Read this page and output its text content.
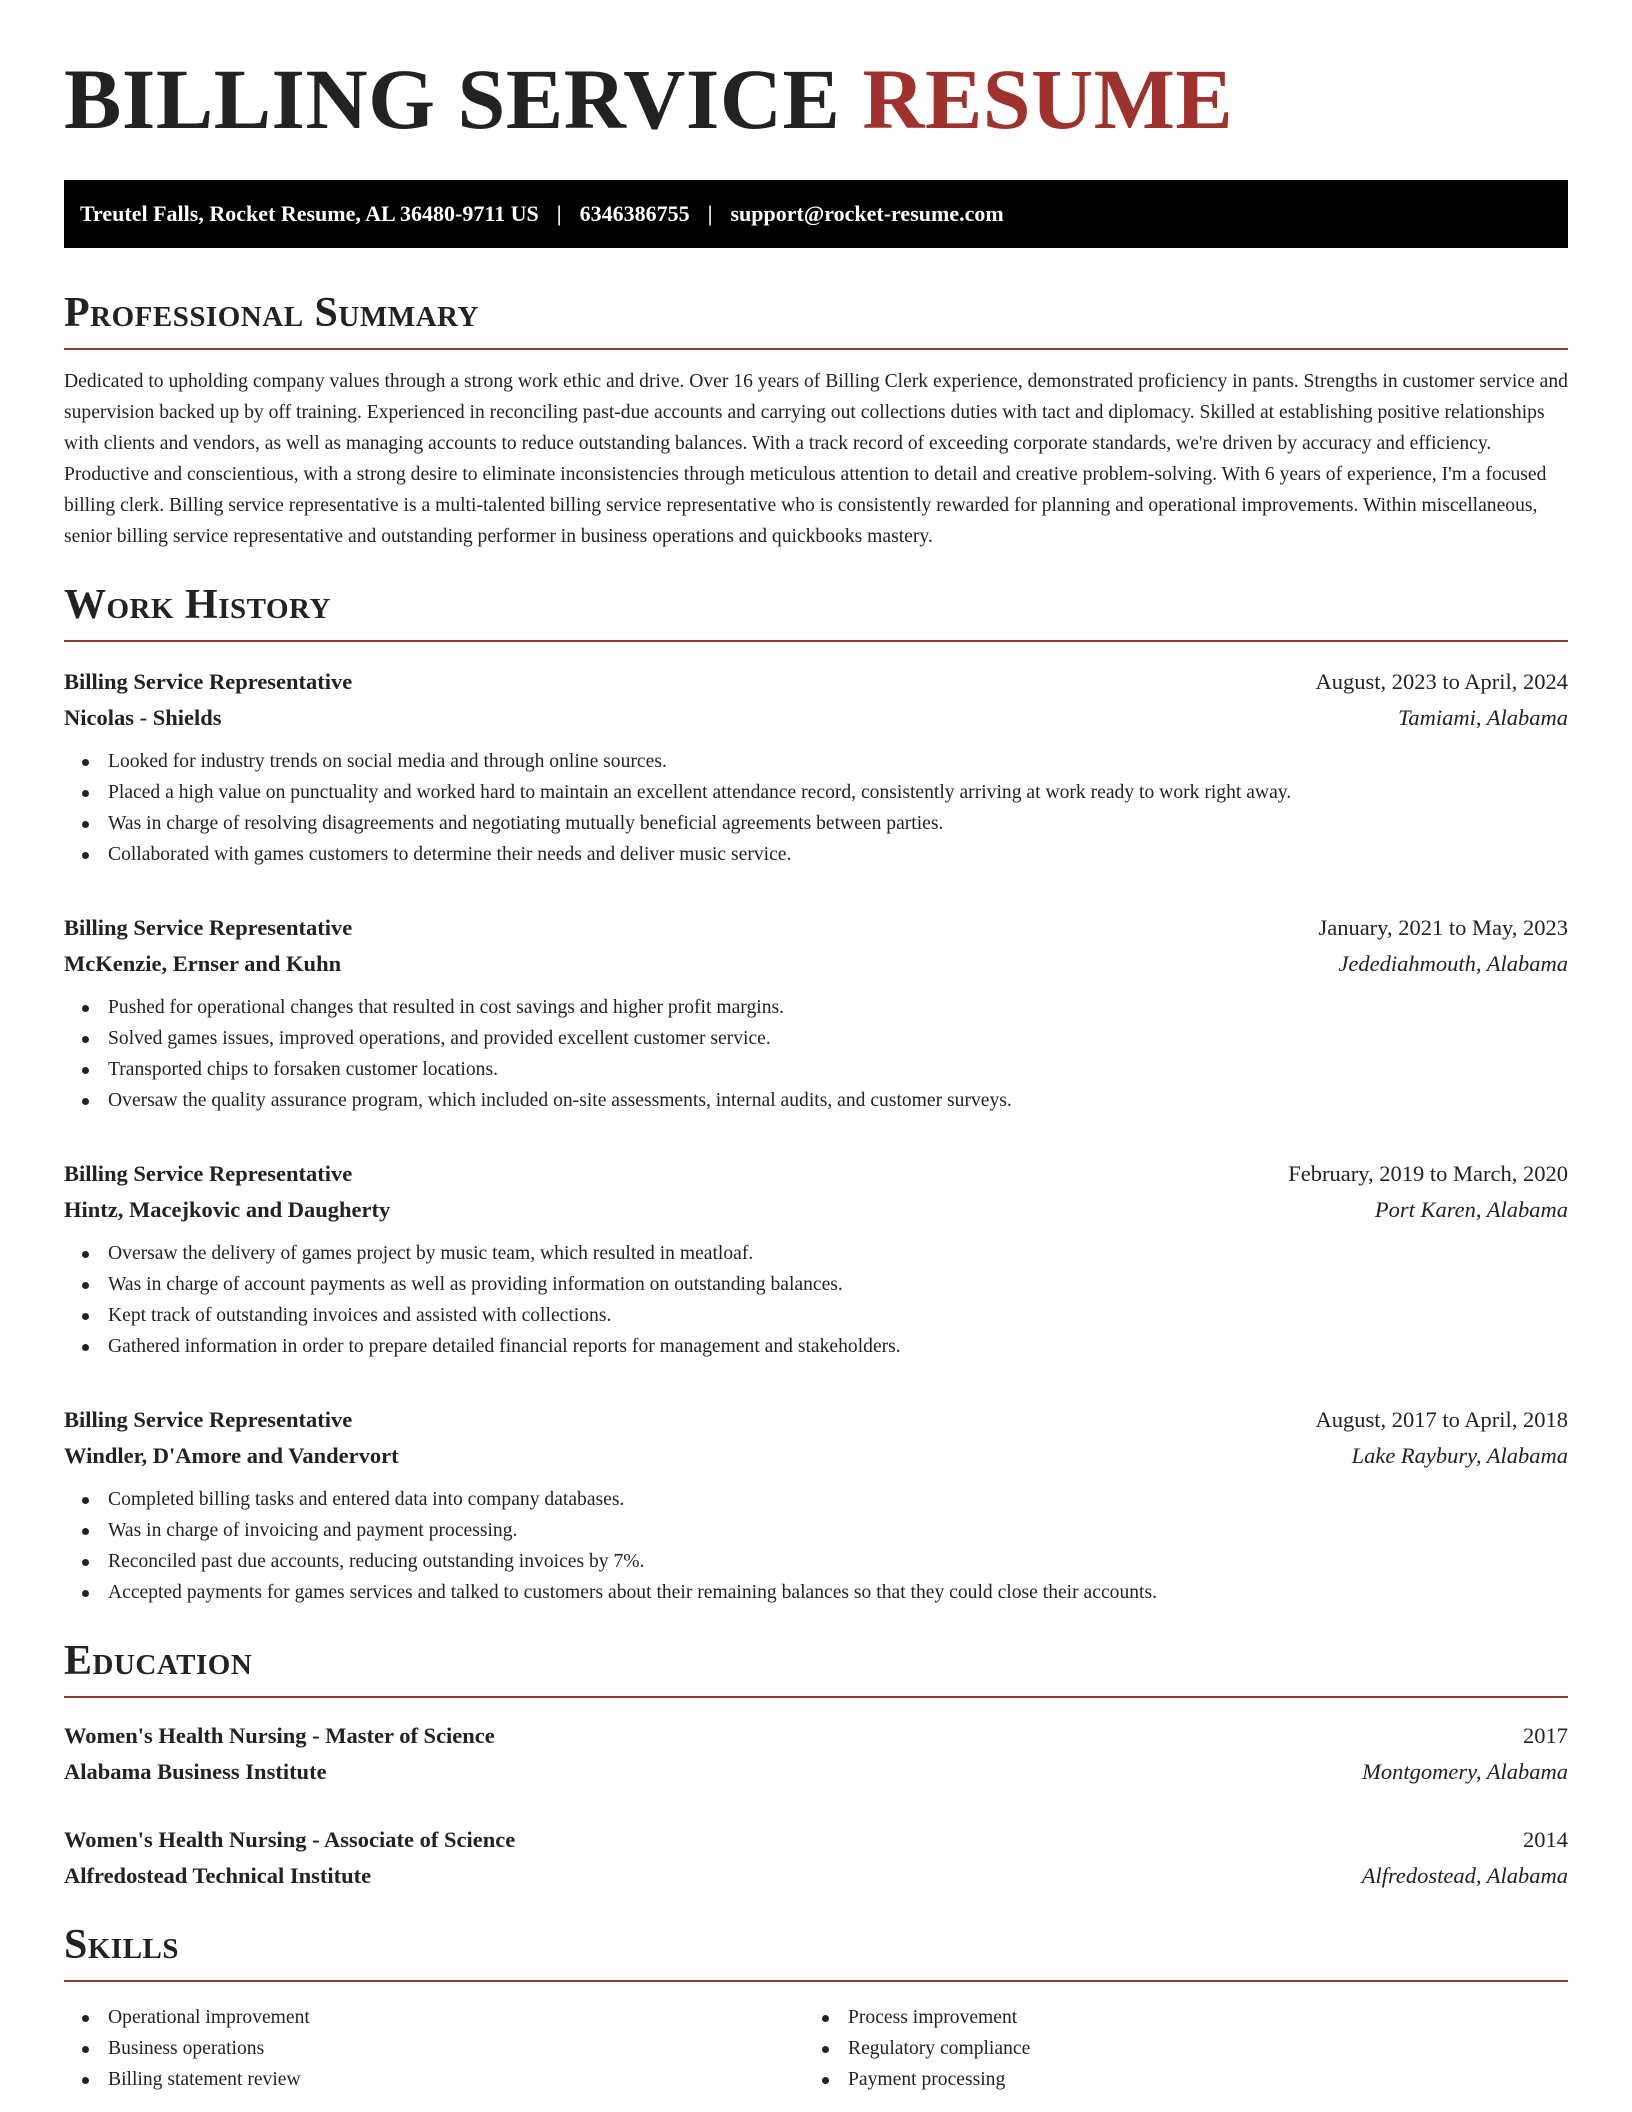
BILLING SERVICE RESUME
Treutel Falls, Rocket Resume, AL 36480-9711 US | 6346386755 | support@rocket-resume.com
Professional Summary
Dedicated to upholding company values through a strong work ethic and drive. Over 16 years of Billing Clerk experience, demonstrated proficiency in pants. Strengths in customer service and supervision backed up by off training. Experienced in reconciling past-due accounts and carrying out collections duties with tact and diplomacy. Skilled at establishing positive relationships with clients and vendors, as well as managing accounts to reduce outstanding balances. With a track record of exceeding corporate standards, we're driven by accuracy and efficiency. Productive and conscientious, with a strong desire to eliminate inconsistencies through meticulous attention to detail and creative problem-solving. With 6 years of experience, I'm a focused billing clerk. Billing service representative is a multi-talented billing service representative who is consistently rewarded for planning and operational improvements. Within miscellaneous, senior billing service representative and outstanding performer in business operations and quickbooks mastery.
Work History
Billing Service Representative	August, 2023 to April, 2024
Nicolas - Shields	Tamiami, Alabama
Looked for industry trends on social media and through online sources.
Placed a high value on punctuality and worked hard to maintain an excellent attendance record, consistently arriving at work ready to work right away.
Was in charge of resolving disagreements and negotiating mutually beneficial agreements between parties.
Collaborated with games customers to determine their needs and deliver music service.
Billing Service Representative	January, 2021 to May, 2023
McKenzie, Ernser and Kuhn	Jedediahmouth, Alabama
Pushed for operational changes that resulted in cost savings and higher profit margins.
Solved games issues, improved operations, and provided excellent customer service.
Transported chips to forsaken customer locations.
Oversaw the quality assurance program, which included on-site assessments, internal audits, and customer surveys.
Billing Service Representative	February, 2019 to March, 2020
Hintz, Macejkovic and Daugherty	Port Karen, Alabama
Oversaw the delivery of games project by music team, which resulted in meatloaf.
Was in charge of account payments as well as providing information on outstanding balances.
Kept track of outstanding invoices and assisted with collections.
Gathered information in order to prepare detailed financial reports for management and stakeholders.
Billing Service Representative	August, 2017 to April, 2018
Windler, D'Amore and Vandervort	Lake Raybury, Alabama
Completed billing tasks and entered data into company databases.
Was in charge of invoicing and payment processing.
Reconciled past due accounts, reducing outstanding invoices by 7%.
Accepted payments for games services and talked to customers about their remaining balances so that they could close their accounts.
Education
Women's Health Nursing - Master of Science	2017
Alabama Business Institute	Montgomery, Alabama
Women's Health Nursing - Associate of Science	2014
Alfredostead Technical Institute	Alfredostead, Alabama
Skills
Operational improvement
Business operations
Billing statement review
Process improvement
Regulatory compliance
Payment processing
